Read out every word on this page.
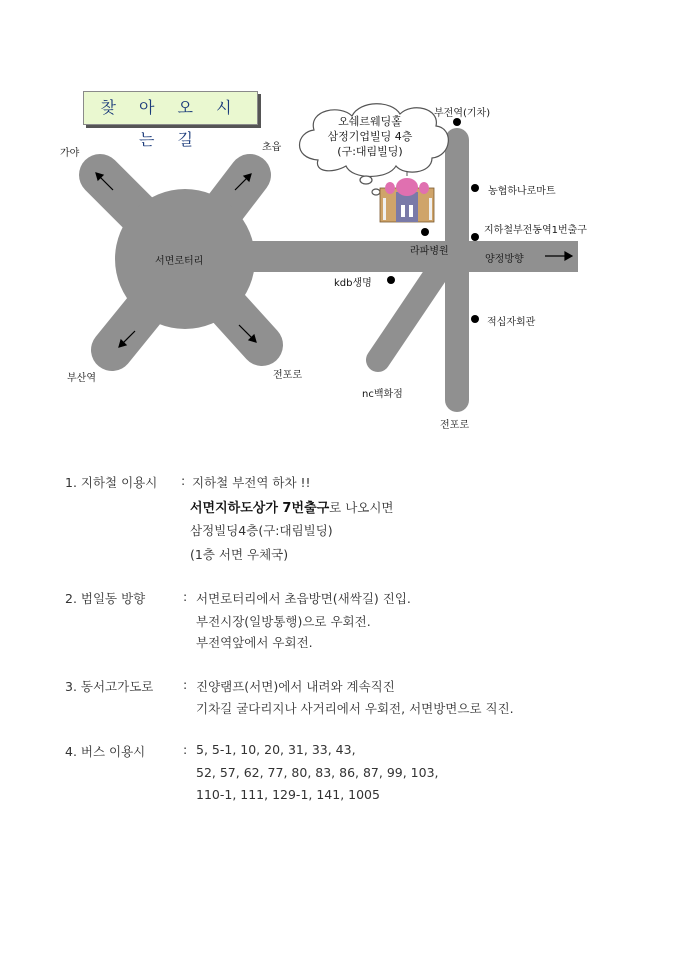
찾 아 오 시 는 길
오쉐르웨딩홀
삼정기업빌딩 4층
(구:대림빌딩)
가야
초읍
서면로터리
부산역	전포로
부전역(기차)
농협하나로마트
지하철부전동역1번출구
라파병원
양정방향
kdb생명
적십자회관
nc백화점
전포로
1. 지하철 이용시 : 지하철 부전역 하차 !!
서면지하도상가 7번출구로 나오시면
삼정빌딩4층(구:대림빌딩)
(1층 서면 우체국)
2. 범일동 방향	: 서면로터리에서 초읍방면(새싹길) 진입.
부전시장(일방통행)으로 우회전.
부전역앞에서 우회전.
3. 동서고가도로 : 진양램프(서면)에서 내려와 계속직진
기차길 굴다리지나 사거리에서 우회전, 서면방면으로 직진.
4. 버스 이용시	: 5, 5-1, 10, 20, 31, 33, 43,
52, 57, 62, 77, 80, 83, 86, 87, 99, 103,
110-1, 111, 129-1, 141, 1005
